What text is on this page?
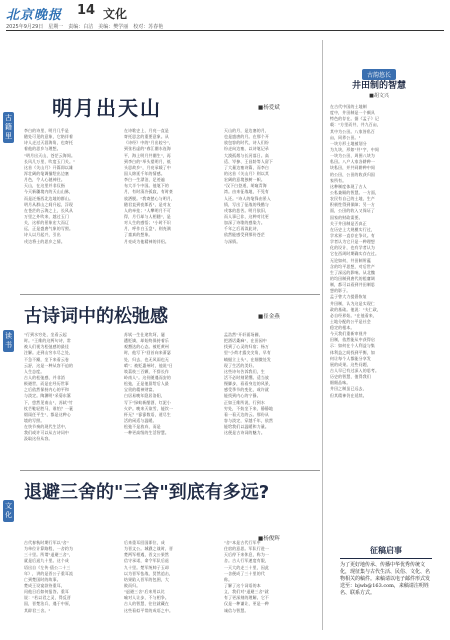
北京晚报 14 文化
2025年9月29日　星期一　责编：白洁　美编：樊学丽　校对：苏春艳
古籍里
读书
文化
明月出天山	■杨爱斌
李白的诗里，明月几乎是
随处可见的意象，它陪伴着
诗人走过天涯海角，也寄托
着他的思乡与理想。
"明月出天山，苍茫云海间。
长风几万里，吹度玉门关。"
这首《关山月》开篇即以雄
浑壮阔的笔调描绘出边塞
月色，令人心驰神往。
天山，在这里并非仅指
今天新疆境内的天山山脉，
而是泛指西北边地的群山。
明月从群山之间升起，浮现
在苍茫的云海之上，长风从
万里之外吹来，越过玉门
关，这样的景象宏大而辽
远，正是盛唐气象的写照。
诗人以月起兴，引出
戍边将士的思乡之情。
在诗歌史上，月亮一直是
寄托思念的重要意象。从
《诗经》中的"月出皎兮"，
到张若虚的"春江潮水连海
平，海上明月共潮生"，再
到李白的"举头望明月，低
头思故乡"，月亮承载了中
国人绵延千年的情感。
李白一生漂泊，足迹遍
布大半个中国。他笔下的
月，有时清冷孤寂，有时豪
放洒脱。"我寄愁心与明月，
随君直到夜郎西"，是对友
人的牵挂；"人攀明月不可
得，月行却与人相随"，是
对人生的感悟；"小时不识
月，呼作白玉盘"，则充满
了童真的想象。
月亮成为他精神的伴侣。
天山的月，是边塞的月，
也是盛唐的月。在那个开
放包容的时代，诗人们纷
纷走向边塞，以诗笔记录
大漠孤烟与长河落日。高
适、岑参、王昌龄等人留下
了大量边塞诗篇，而李白
的这首《关山月》则以其
宏阔的意境独树一帜。
"汉下白登道，胡窥青海
湾。由来征战地，不见有
人还。"诗人的笔锋由景入
情，写出了征战的残酷与
戍客的悲苦。明月依旧，
而人事已非，这种对比更
加深了诗歌的感染力。
千年之后再读此诗，
依然能感受到那份苍茫
与深情。
古诗词中的松弛感	■崔金燕
"行到水穷处，坐看云起
时。"王维的这两句诗，常
被人们视为松弛感的最佳
注解。走到山穷水尽之处，
不急不躁，坐下来看云卷
云舒，这是一种从容不迫的
人生态度。
古人的松弛感，并非消
极避世，而是在经历世事
之后依然保持内心的平和
与淡定。陶渊明"采菊东篱
下，悠然见南山"，苏轼"竹
杖芒鞋轻胜马，谁怕？一蓑
烟雨任平生"，都是这种心
境的写照。
在快节奏的现代生活中，
我们或许可以从古诗词中
汲取这份从容。
苏轼一生仕途坎坷，屡
遭贬谪，却始终保持着乐
观豁达的心态。被贬黄州
时，他写下"回首向来萧瑟
处，归去，也无风雨也无
晴"；被贬惠州时，他说"日
啖荔枝三百颗，不辞长作
岭南人"。这份随遇而安的
松弛，正是他留给后人最
宝贵的精神财富。
白居易晚年隐居洛阳，
写下"绿蚁新醅酒，红泥小
火炉。晚来天欲雪，能饮一
杯无？"寥寥数语，道尽生
活的闲适与温暖。
松弛不是放弃，而是
一种更高级的生活智慧。
孟浩然"开轩面场圃，
把酒话桑麻"，在田园中
找到了心灵的归宿；杨万
里"小荷才露尖尖角，早有
蜻蜓立上头"，在细微处发
现了生活的美好。
这些诗句告诉我们，生
活不必时刻紧绷。适当放
慢脚步，看看身边的风景，
感受季节的变化，或许就
能找到内心的宁静。
正如王维所说，行到水
穷处，不妨坐下来，静静地
看一看天边的云。那份从
容与淡定，穿越千年，依然
能给我们以温暖和力量。
这便是古诗词的魅力。
退避三舍的"三舍"到底有多远?
■杨俊辉
古代春秋时期行军以"舍"
为单位计算路程，一舍约为
三十里。所谓"退避三舍"，
就是后退九十里。这个成
语出自《左传·僖公二十三
年》，讲的是晋公子重耳流
亡到楚国时的故事。
楚成王设宴款待重耳，
问他日后如何报答。重耳
说："若以君之灵，得反晋
国，晋楚治兵，遇于中原，
其辟君三舍。"
后来重耳回国即位，成
为晋文公。城濮之战时，晋
楚两军相遇，晋文公果然
信守承诺，命令军队后退
九十里。楚军统帅子玉却
以为晋军怯战，贸然追击，
结果陷入晋军的包围，大
败而归。
"退避三舍"后来用以比
喻对人让步，不与相争。
古人的智慧，往往就藏在
这些看似平常的成语之中。
"舍"本是古代行军中
住宿的意思。军队行进一
天后停下来休息，称为一
舍。古人行军速度有限，
一天大约走三十里，因此
一舍便成了三十里的代
称。
了解了这个词语的本
义，我们对"退避三舍"就
有了更深刻的理解。它不
仅是一种谦让，更是一种
诚信与智慧。
古韵悠长
井田制的智慧
■胡文兴
在古代中国的土地制
度中，井田制是一个颇具
特色的存在。据《孟子》记
载："方里而井，井九百亩，
其中为公田。八家皆私百
亩，同养公田。"
一块方形土地被划分
为九块，形如"井"字，中间
一块为公田，周围八块为
私田。八户人家各耕种一
块私田，并共同耕种中间
的公田，公田的收获归国
家所有。
这种制度体现了古人
公私兼顾的智慧。一方面，
农民有自己的土地，生产
积极性得到保障；另一方
面，公田的收入又保证了
国家的财政需要。
关于井田制是否真正
在历史上大规模实行过，
学术界一直存在争议。有
学者认为它只是一种理想
化的设计，也有学者认为
它在西周时期确实存在过。
无论如何，井田制所蕴
含的均平思想，对后世产
生了深远的影响。从北魏
的均田制到唐代的租庸调
制，都可以看到井田制思
想的影子。
孟子曾大力提倡恢复
井田制，认为这是实现仁
政的基础。他说："夫仁政，
必自经界始。"在他看来，
土地分配的公平是社会
稳定的根本。
今天我们重新审视井
田制，依然能从中获得启
示：如何在个人利益与集
体利益之间找到平衡，如
何让每个人都能分享发
展的成果。这些问题，
古人早已有过深入的思考。
历史的智慧，值得我们
细细品味。
井田之制虽已远去，
但其精神仍在延续。
征稿启事
为了更好地传承、传播中华优秀传统文化，现征集与古代生活、民俗、文化、名物相关的稿件。来稿请以电子邮件形式发送至：bjwb@163.com，来稿请注明姓名、联系方式。
